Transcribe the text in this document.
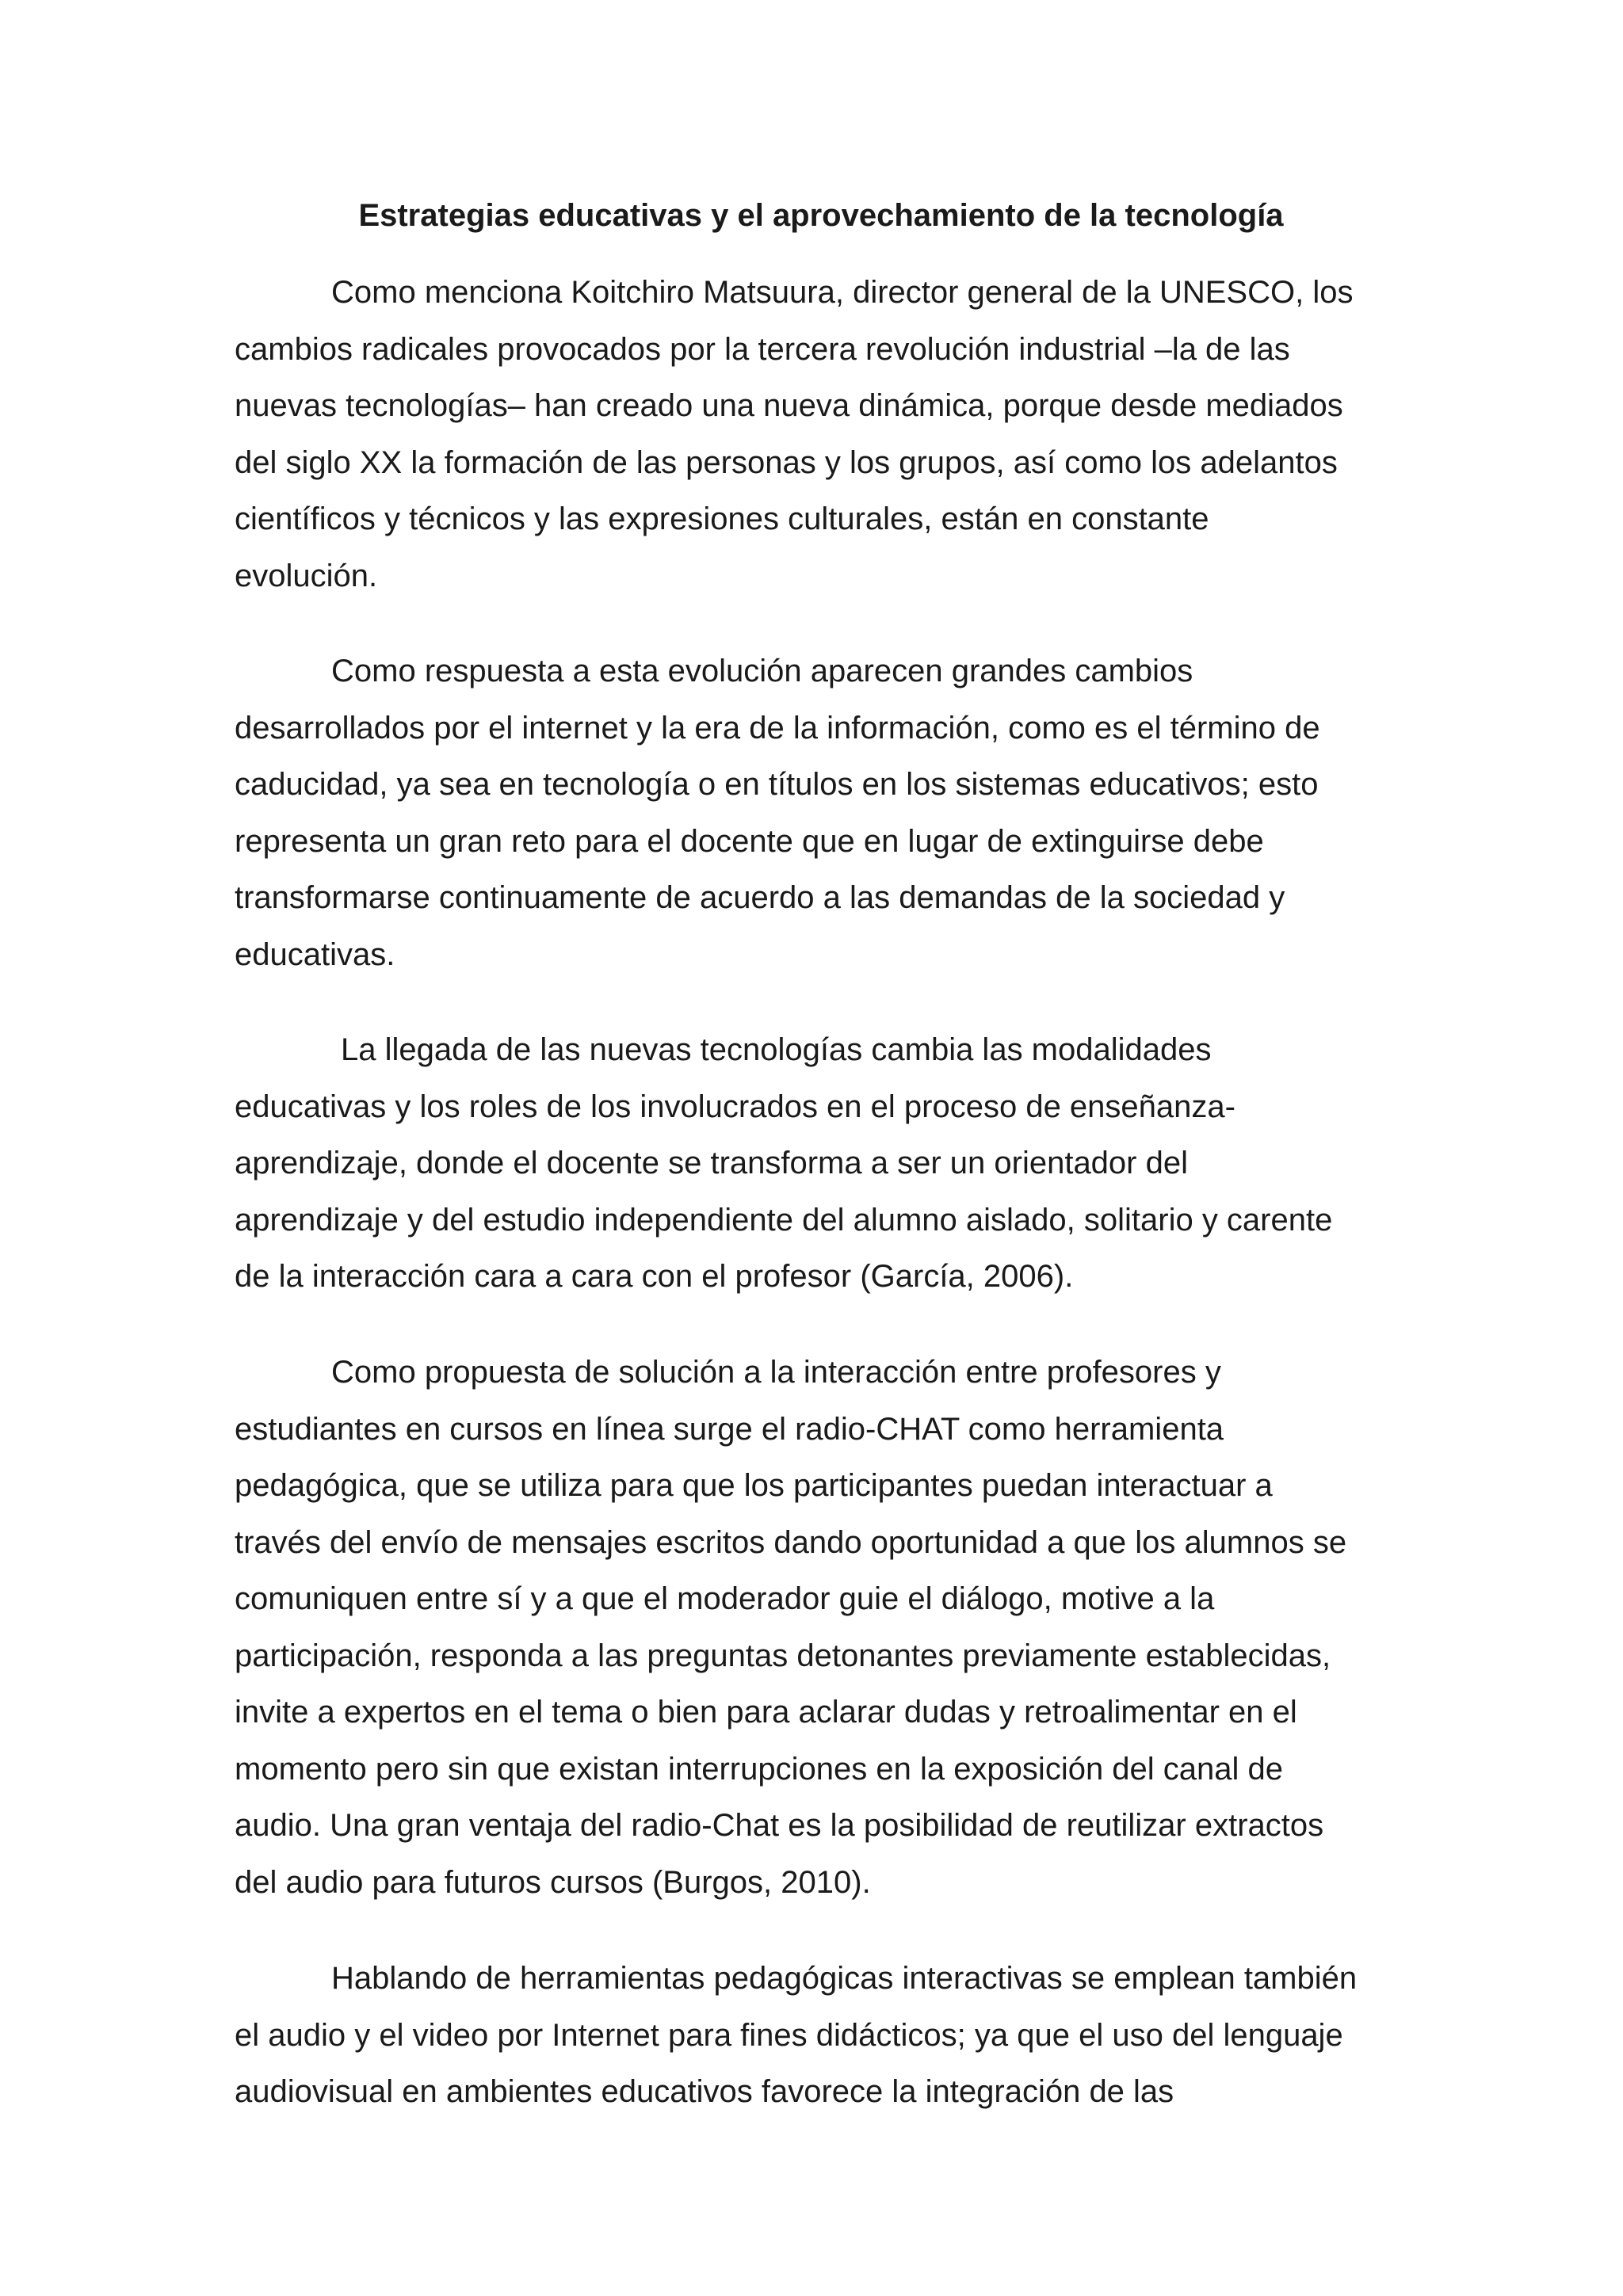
Estrategias educativas y el aprovechamiento de la tecnología

Como menciona Koitchiro Matsuura, director general de la UNESCO, los
cambios radicales provocados por la tercera revolución industrial –la de las
nuevas tecnologías– han creado una nueva dinámica, porque desde mediados
del siglo XX la formación de las personas y los grupos, así como los adelantos
científicos y técnicos y las expresiones culturales, están en constante
evolución.

Como respuesta a esta evolución aparecen grandes cambios
desarrollados por el internet y la era de la información, como es el término de
caducidad, ya sea en tecnología o en títulos en los sistemas educativos; esto
representa un gran reto para el docente que en lugar de extinguirse debe
transformarse continuamente de acuerdo a las demandas de la sociedad y
educativas.

La llegada de las nuevas tecnologías cambia las modalidades
educativas y los roles de los involucrados en el proceso de enseñanza-
aprendizaje, donde el docente se transforma a ser un orientador del
aprendizaje y del estudio independiente del alumno aislado, solitario y carente
de la interacción cara a cara con el profesor (García, 2006).

Como propuesta de solución a la interacción entre profesores y
estudiantes en cursos en línea surge el radio-CHAT como herramienta
pedagógica, que se utiliza para que los participantes puedan interactuar a
través del envío de mensajes escritos dando oportunidad a que los alumnos se
comuniquen entre sí y a que el moderador guie el diálogo, motive a la
participación, responda a las preguntas detonantes previamente establecidas,
invite a expertos en el tema o bien para aclarar dudas y retroalimentar en el
momento pero sin que existan interrupciones en la exposición del canal de
audio. Una gran ventaja del radio-Chat es la posibilidad de reutilizar extractos
del audio para futuros cursos (Burgos, 2010).

Hablando de herramientas pedagógicas interactivas se emplean también
el audio y el video por Internet para fines didácticos; ya que el uso del lenguaje
audiovisual en ambientes educativos favorece la integración de las
